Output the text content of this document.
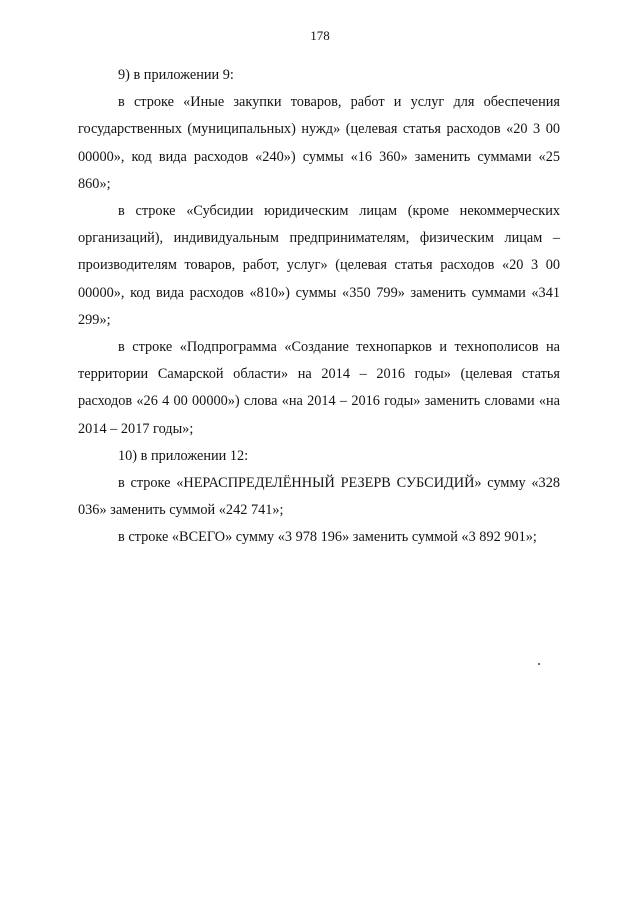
178

9) в приложении 9:

в строке «Иные закупки товаров, работ и услуг для обеспечения государственных (муниципальных) нужд» (целевая статья расходов «20 3 00 00000», код вида расходов «240») суммы «16 360» заменить суммами «25 860»;

в строке «Субсидии юридическим лицам (кроме некоммерческих организаций), индивидуальным предпринимателям, физическим лицам – производителям товаров, работ, услуг» (целевая статья расходов «20 3 00 00000», код вида расходов «810») суммы «350 799» заменить суммами «341 299»;

в строке «Подпрограмма «Создание технопарков и технополисов на территории Самарской области» на 2014 – 2016 годы» (целевая статья расходов «26 4 00 00000») слова «на 2014 – 2016 годы» заменить словами «на 2014 – 2017 годы»;

10) в приложении 12:

в строке «НЕРАСПРЕДЕЛЁННЫЙ РЕЗЕРВ СУБСИДИЙ» сумму «328 036» заменить суммой «242 741»;

в строке «ВСЕГО» сумму «3 978 196» заменить суммой «3 892 901»;
